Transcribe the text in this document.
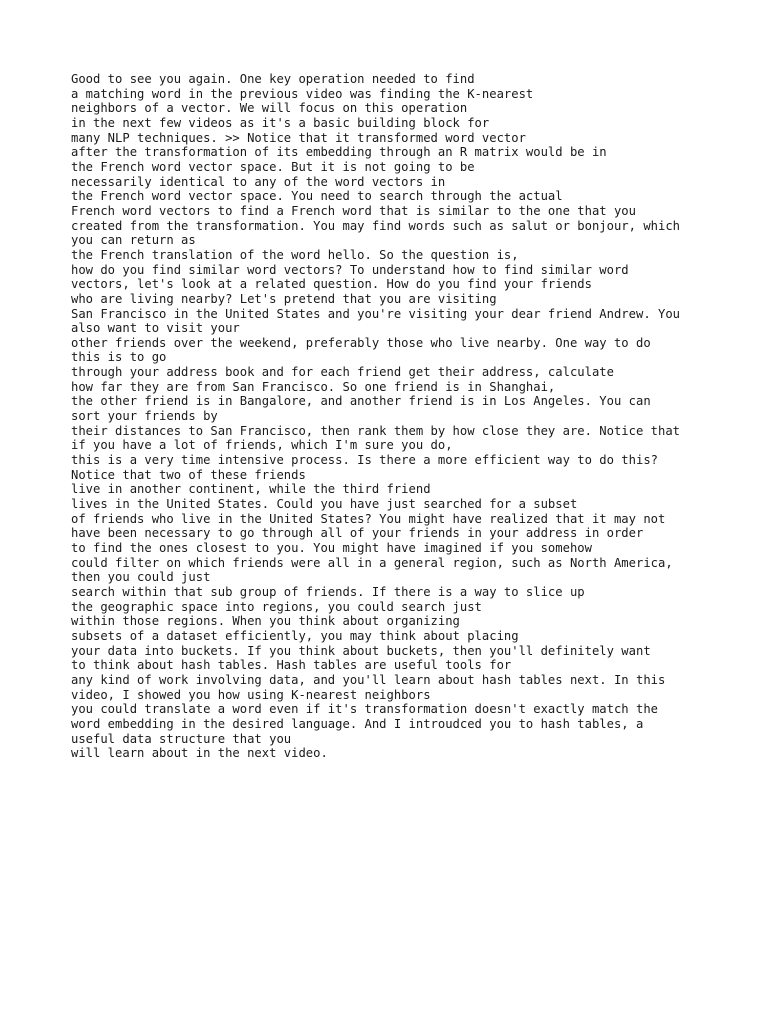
Good to see you again. One key operation needed to find

a matching word in the previous video was finding the K-nearest

neighbors of a vector. We will focus on this operation

in the next few videos as it's a basic building block for

many NLP techniques. >> Notice that it transformed word vector

after the transformation of its embedding through an R matrix would be in

the French word vector space. But it is not going to be

necessarily identical to any of the word vectors in

the French word vector space. You need to search through the actual

French word vectors to find a French word that is similar to the one that you

created from the transformation. You may find words such as salut or bonjour, which

you can return as

the French translation of the word hello. So the question is,

how do you find similar word vectors? To understand how to find similar word

vectors, let's look at a related question. How do you find your friends

who are living nearby? Let's pretend that you are visiting

San Francisco in the United States and you're visiting your dear friend Andrew. You

also want to visit your

other friends over the weekend, preferably those who live nearby. One way to do

this is to go

through your address book and for each friend get their address, calculate

how far they are from San Francisco. So one friend is in Shanghai,

the other friend is in Bangalore, and another friend is in Los Angeles. You can

sort your friends by

their distances to San Francisco, then rank them by how close they are. Notice that

if you have a lot of friends, which I'm sure you do,

this is a very time intensive process. Is there a more efficient way to do this?

Notice that two of these friends

live in another continent, while the third friend

lives in the United States. Could you have just searched for a subset

of friends who live in the United States? You might have realized that it may not

have been necessary to go through all of your friends in your address in order

to find the ones closest to you. You might have imagined if you somehow

could filter on which friends were all in a general region, such as North America,

then you could just

search within that sub group of friends. If there is a way to slice up

the geographic space into regions, you could search just

within those regions. When you think about organizing

subsets of a dataset efficiently, you may think about placing

your data into buckets. If you think about buckets, then you'll definitely want

to think about hash tables. Hash tables are useful tools for

any kind of work involving data, and you'll learn about hash tables next. In this

video, I showed you how using K-nearest neighbors

you could translate a word even if it's transformation doesn't exactly match the

word embedding in the desired language. And I introudced you to hash tables, a

useful data structure that you

will learn about in the next video.
